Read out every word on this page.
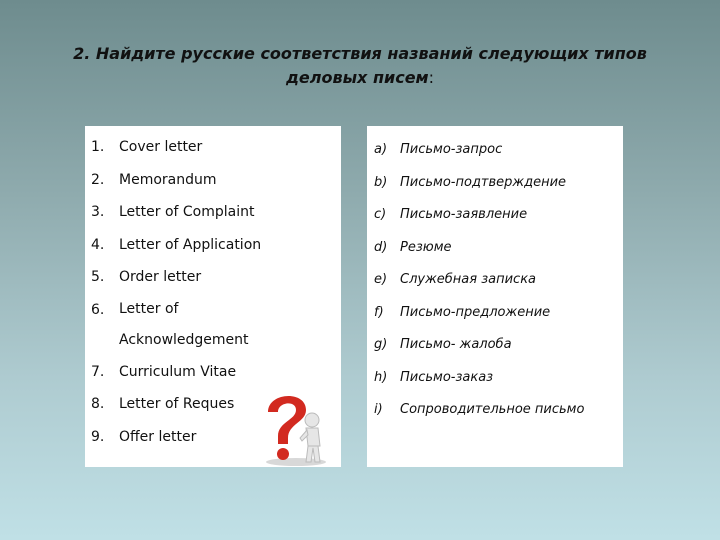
2. Найдите русские соответствия названий следующих типов
деловых писем:
1. Cover letter
2. Memorandum
3. Letter of Complaint
4. Letter of Application
5. Order letter
6. Letter of
Acknowledgement
7. Curriculum Vitae
8. Letter of Reques
9. Offer letter
a) Письмо-запрос
b) Письмо-подтверждение
c) Письмо-заявление
d) Резюме
e) Служебная записка
f) Письмо-предложение
g) Письмо- жалоба
h) Письмо-заказ
i) Сопроводительное письмо
